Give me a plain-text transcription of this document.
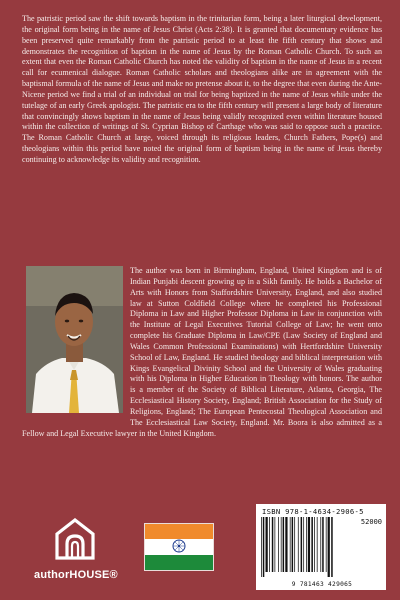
The patristic period saw the shift towards baptism in the trinitarian form, being a later liturgical development, the original form being in the name of Jesus Christ (Acts 2:38). It is granted that documentary evidence has been preserved quite remarkably from the patristic period to at least the fifth century that shows and demonstrates the recognition of baptism in the name of Jesus by the Roman Catholic Church. To such an extent that even the Roman Catholic Church has noted the validity of baptism in the name of Jesus in a recent call for ecumenical dialogue. Roman Catholic scholars and theologians alike are in agreement with the baptismal formula of the name of Jesus and make no pretense about it, to the degree that even during the Ante-Nicene period we find a trial of an individual on trial for being baptized in the name of Jesus while under the tutelage of an early Greek apologist. The patristic era to the fifth century will present a large body of literature that convincingly shows baptism in the name of Jesus being validly recognized even within literature housed within the collection of writings of St. Cyprian Bishop of Carthage who was said to oppose such a practice. The Roman Catholic Church at large, voiced through its religious leaders, Church Fathers, Pope(s) and theologians within this period have noted the original form of baptism being in the name of Jesus thereby continuing to acknowledge its validity and recognition.

The author was born in Birmingham, England, United Kingdom and is of Indian Punjabi descent growing up in a Sikh family. He holds a Bachelor of Arts with Honors from Staffordshire University, England, and also studied law at Sutton Coldfield College where he completed his Professional Diploma in Law and Higher Professor Diploma in Law in conjunction with the Institute of Legal Executives Tutorial College of Law; he went onto complete his Graduate Diploma in Law/CPE (Law Society of England and Wales Common Professional Examinations) with Hertfordshire University School of Law, England. He studied theology and biblical interpretation with Kings Evangelical Divinity School and the University of Wales graduating with his Diploma in Higher Education in Theology with honors. The author is a member of the Society of Biblical Literature, Atlanta, Georgia, The Ecclesiastical History Society, England; British Association for the Study of Religions, England; The European Pentecostal Theological Association and The Ecclesiastical Law Society, England. Mr. Boora is also admitted as a Fellow and Legal Executive lawyer in the United Kingdom.

authorHOUSE®
ISBN 978-1-4634-2906-5
52000
9 781463 429065
